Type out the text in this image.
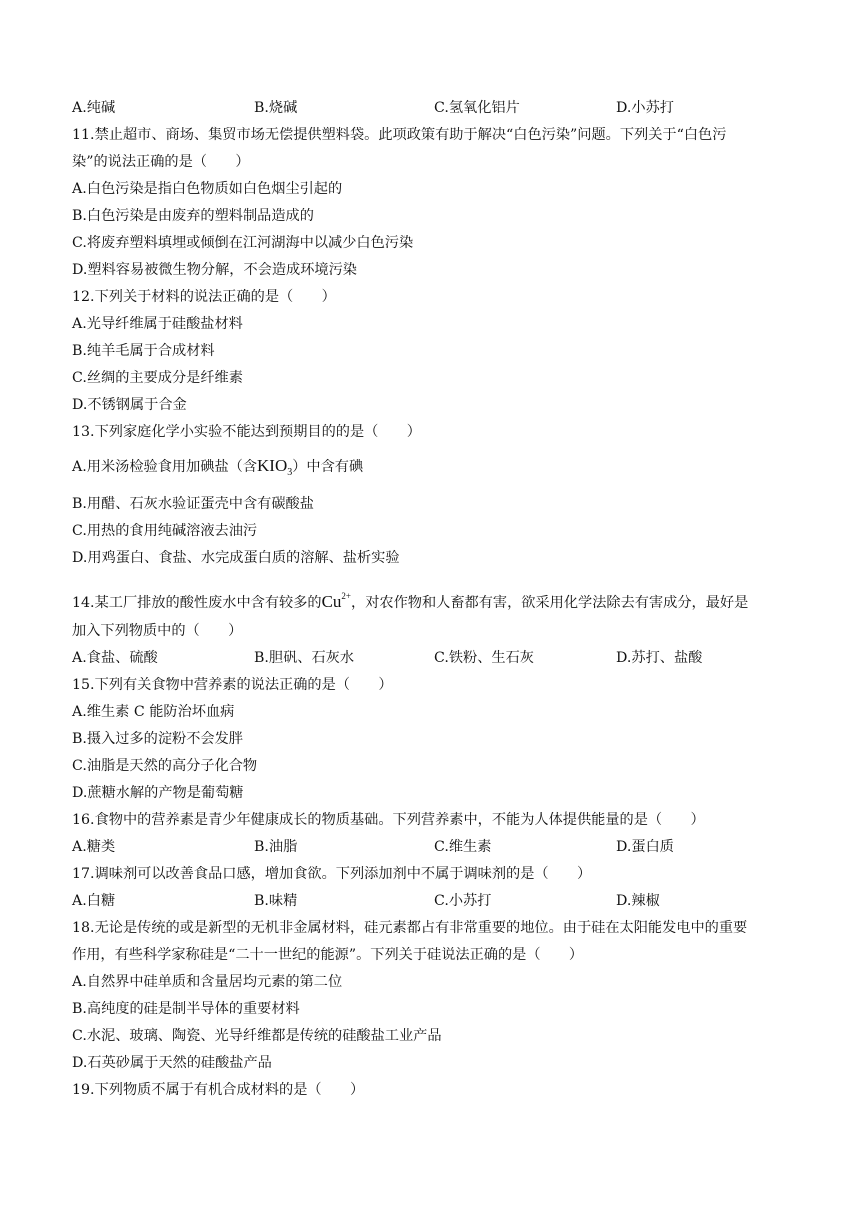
A.纯碱	B.烧碱	C.氢氧化铝片	D.小苏打
11.禁止超市、商场、集贸市场无偿提供塑料袋。此项政策有助于解决“白色污染”问题。下列关于“白色污
染”的说法正确的是（　　）
A.白色污染是指白色物质如白色烟尘引起的
B.白色污染是由废弃的塑料制品造成的
C.将废弃塑料填埋或倾倒在江河湖海中以减少白色污染
D.塑料容易被微生物分解，不会造成环境污染
12.下列关于材料的说法正确的是（　　）
A.光导纤维属于硅酸盐材料
B.纯羊毛属于合成材料
C.丝绸的主要成分是纤维素
D.不锈钢属于合金
13.下列家庭化学小实验不能达到预期目的的是（　　）
A.用米汤检验食用加碘盐（含$KIO_3$）中含有碘
B.用醋、石灰水验证蛋壳中含有碳酸盐
C.用热的食用纯碱溶液去油污
D.用鸡蛋白、食盐、水完成蛋白质的溶解、盐析实验
14.某工厂排放的酸性废水中含有较多的$Cu^{2+}$，对农作物和人畜都有害，欲采用化学法除去有害成分，最好是
加入下列物质中的（　　）
A.食盐、硫酸	B.胆矾、石灰水	C.铁粉、生石灰	D.苏打、盐酸
15.下列有关食物中营养素的说法正确的是（　　）
A.维生素 C 能防治坏血病
B.摄入过多的淀粉不会发胖
C.油脂是天然的高分子化合物
D.蔗糖水解的产物是葡萄糖
16.食物中的营养素是青少年健康成长的物质基础。下列营养素中，不能为人体提供能量的是（　　）
A.糖类	B.油脂	C.维生素	D.蛋白质
17.调味剂可以改善食品口感，增加食欲。下列添加剂中不属于调味剂的是（　　）
A.白糖	B.味精	C.小苏打	D.辣椒
18.无论是传统的或是新型的无机非金属材料，硅元素都占有非常重要的地位。由于硅在太阳能发电中的重要
作用，有些科学家称硅是“二十一世纪的能源”。下列关于硅说法正确的是（　　）
A.自然界中硅单质和含量居均元素的第二位
B.高纯度的硅是制半导体的重要材料
C.水泥、玻璃、陶瓷、光导纤维都是传统的硅酸盐工业产品
D.石英砂属于天然的硅酸盐产品
19.下列物质不属于有机合成材料的是（　　）
